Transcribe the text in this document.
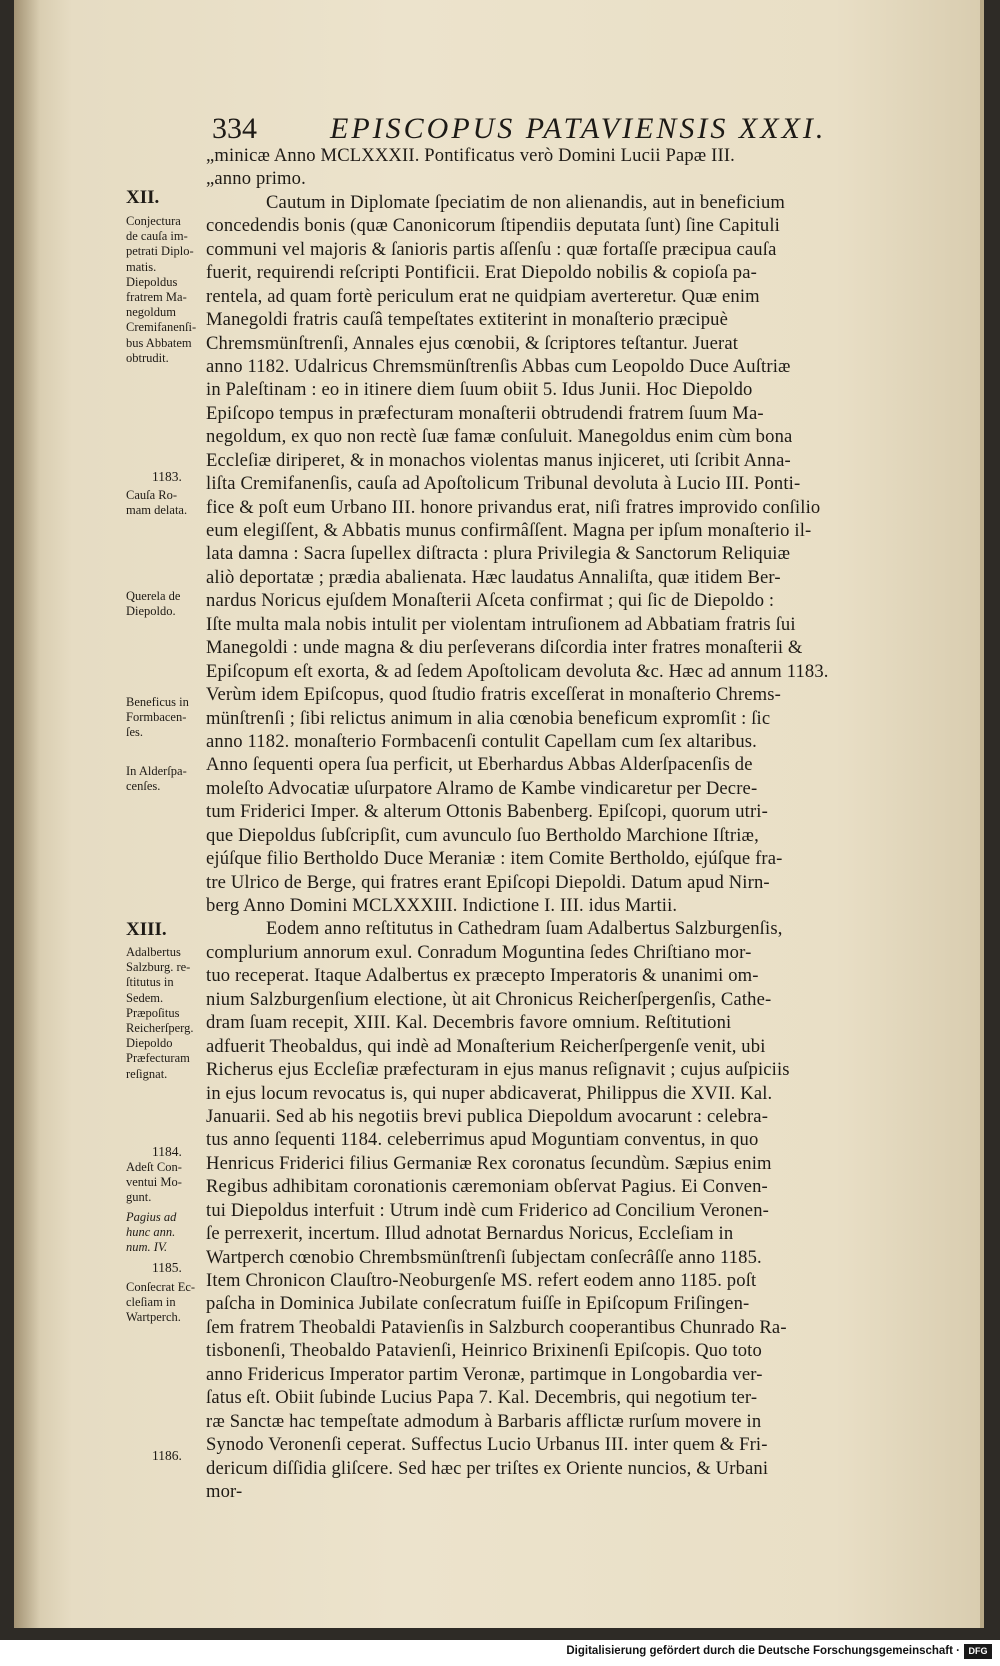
334 EPISCOPUS PATAVIENSIS XXXI.
„minicæ Anno MCLXXXII. Pontificatus verò Domini Lucii Papæ III.
„anno primo.
Cautum in Diplomate ſpeciatim de non alienandis, aut in beneficium
concedendis bonis (quæ Canonicorum ſtipendiis deputata ſunt) ſine Capituli
communi vel majoris & ſanioris partis aſſenſu : quæ fortaſſe præcipua cauſa
fuerit, requirendi reſcripti Pontificii. Erat Diepoldo nobilis & copioſa pa-
rentela, ad quam fortè periculum erat ne quidpiam averteretur. Quæ enim
Manegoldi fratris cauſâ tempeſtates extiterint in monaſterio præcipuè
Chremsmünſtrenſi, Annales ejus cœnobii, & ſcriptores teſtantur. Juerat
anno 1182. Udalricus Chremsmünſtrenſis Abbas cum Leopoldo Duce Auſtriæ
in Paleſtinam : eo in itinere diem ſuum obiit 5. Idus Junii. Hoc Diepoldo
Epiſcopo tempus in præfecturam monaſterii obtrudendi fratrem ſuum Ma-
negoldum, ex quo non rectè ſuæ famæ conſuluit. Manegoldus enim cùm bona
Eccleſiæ diriperet, & in monachos violentas manus injiceret, uti ſcribit Anna-
liſta Cremifanenſis, cauſa ad Apoſtolicum Tribunal devoluta à Lucio III. Ponti-
fice & poſt eum Urbano III. honore privandus erat, niſi fratres improvido conſilio
eum elegiſſent, & Abbatis munus confirmâſſent. Magna per ipſum monaſterio il-
lata damna : Sacra ſupellex diſtracta : plura Privilegia & Sanctorum Reliquiæ
aliò deportatæ ; prædia abalienata. Hæc laudatus Annaliſta, quæ itidem Ber-
nardus Noricus ejuſdem Monaſterii Aſceta confirmat ; qui ſic de Diepoldo :
Iſte multa mala nobis intulit per violentam intruſionem ad Abbatiam fratris ſui
Manegoldi : unde magna & diu perſeverans diſcordia inter fratres monaſterii &
Epiſcopum eſt exorta, & ad ſedem Apoſtolicam devoluta &c. Hæc ad annum 1183.
Verùm idem Epiſcopus, quod ſtudio fratris exceſſerat in monaſterio Chrems-
münſtrenſi ; ſibi relictus animum in alia cœnobia beneficum expromſit : ſic
anno 1182. monaſterio Formbacenſi contulit Capellam cum ſex altaribus.
Anno ſequenti opera ſua perficit, ut Eberhardus Abbas Alderſpacenſis de
moleſto Advocatiæ uſurpatore Alramo de Kambe vindicaretur per Decre-
tum Friderici Imper. & alterum Ottonis Babenberg. Epiſcopi, quorum utri-
que Diepoldus ſubſcripſit, cum avunculo ſuo Bertholdo Marchione Iſtriæ,
ejúſque filio Bertholdo Duce Meraniæ : item Comite Bertholdo, ejúſque fra-
tre Ulrico de Berge, qui fratres erant Epiſcopi Diepoldi. Datum apud Nirn-
berg Anno Domini MCLXXXIII. Indictione I. III. idus Martii.
Eodem anno reſtitutus in Cathedram ſuam Adalbertus Salzburgenſis,
complurium annorum exul. Conradum Moguntina ſedes Chriſtiano mor-
tuo receperat. Itaque Adalbertus ex præcepto Imperatoris & unanimi om-
nium Salzburgenſium electione, ùt ait Chronicus Reicherſpergenſis, Cathe-
dram ſuam recepit, XIII. Kal. Decembris favore omnium. Reſtitutioni
adfuerit Theobaldus, qui indè ad Monaſterium Reicherſpergenſe venit, ubi
Richerus ejus Eccleſiæ præfecturam in ejus manus reſignavit ; cujus auſpiciis
in ejus locum revocatus is, qui nuper abdicaverat, Philippus die XVII. Kal.
Januarii. Sed ab his negotiis brevi publica Diepoldum avocarunt : celebra-
tus anno ſequenti 1184. celeberrimus apud Moguntiam conventus, in quo
Henricus Friderici filius Germaniæ Rex coronatus ſecundùm. Sæpius enim
Regibus adhibitam coronationis cæremoniam obſervat Pagius. Ei Conven-
tui Diepoldus interfuit : Utrum indè cum Friderico ad Concilium Veronen-
ſe perrexerit, incertum. Illud adnotat Bernardus Noricus, Eccleſiam in
Wartperch cœnobio Chrembsmünſtrenſi ſubjectam conſecrâſſe anno 1185.
Item Chronicon Clauſtro-Neoburgenſe MS. refert eodem anno 1185. poſt
paſcha in Dominica Jubilate conſecratum fuiſſe in Epiſcopum Friſingen-
ſem fratrem Theobaldi Patavienſis in Salzburch cooperantibus Chunrado Ra-
tisbonenſi, Theobaldo Patavienſi, Heinrico Brixinenſi Epiſcopis. Quo toto
anno Fridericus Imperator partim Veronæ, partimque in Longobardia ver-
ſatus eſt. Obiit ſubinde Lucius Papa 7. Kal. Decembris, qui negotium ter-
ræ Sanctæ hac tempeſtate admodum à Barbaris afflictæ rurſum movere in
Synodo Veronenſi ceperat. Suffectus Lucio Urbanus III. inter quem & Fri-
dericum diſſidia gliſcere. Sed hæc per triſtes ex Oriente nuncios, & Urbani
mor-
XII.
Conjectura
de cauſa im-
petrati Diplo-
matis.
Diepoldus
fratrem Ma-
negoldum
Cremifanenſi-
bus Abbatem
obtrudit.
1183.
Cauſa Ro-
mam delata.
Querela de
Diepoldo.
Beneficus in
Formbacen-
ſes.
In Alderſpa-
cenſes.
XIII.
Adalbertus
Salzburg. re-
ſtitutus in
Sedem.
Præpoſitus
Reicherſperg.
Diepoldo
Præfecturam
reſignat.
1184.
Adeſt Con-
ventui Mo-
gunt.
Pagius ad
hunc ann.
num. IV.
1185.
Conſecrat Ec-
cleſiam in
Wartperch.
1186.
Digitalisierung gefördert durch die Deutsche Forschungsgemeinschaft · DFG
